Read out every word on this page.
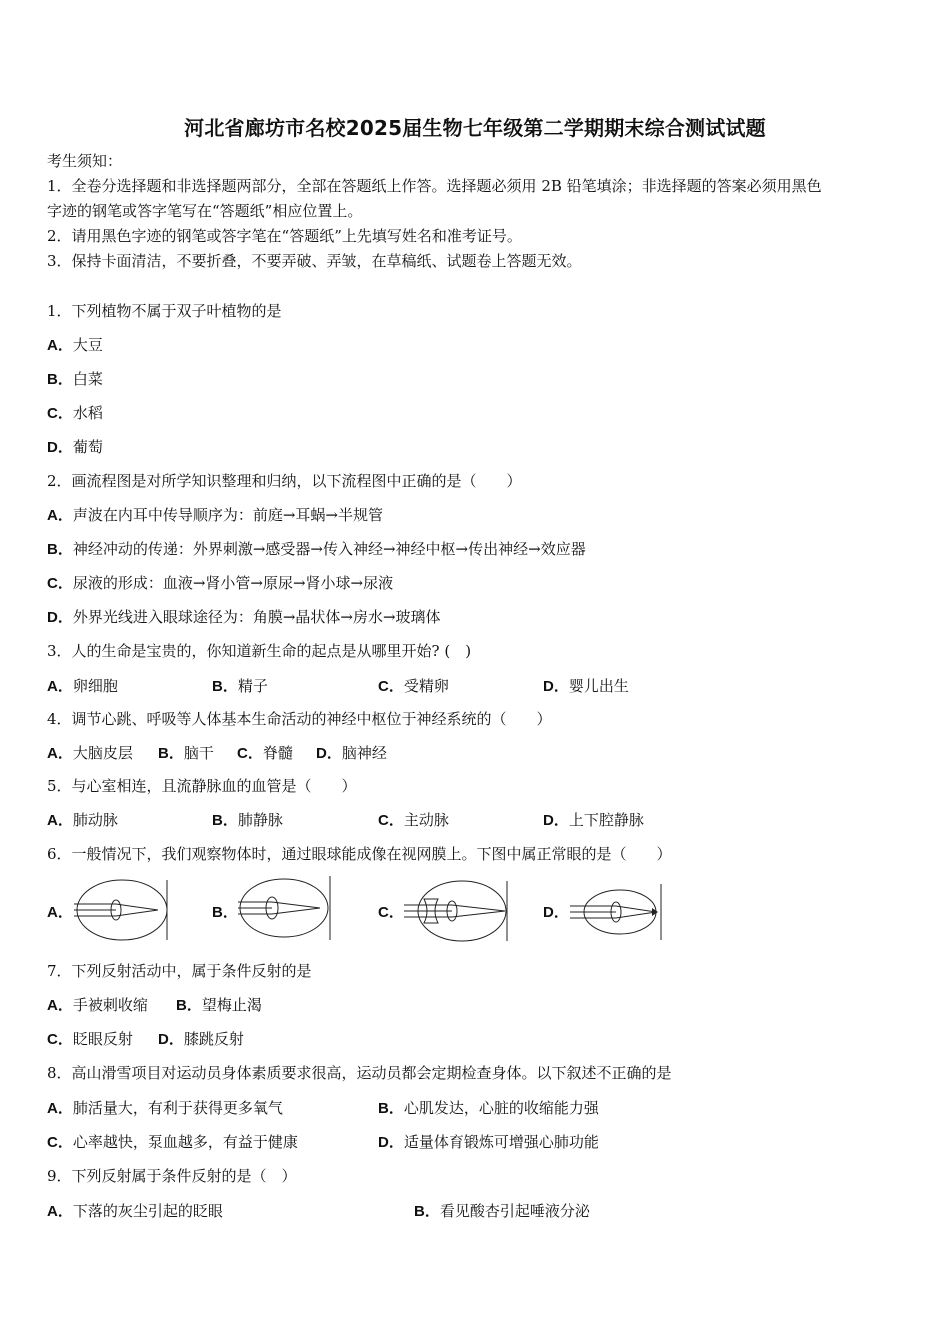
河北省廊坊市名校2025届生物七年级第二学期期末综合测试试题
考生须知：
1．全卷分选择题和非选择题两部分，全部在答题纸上作答。选择题必须用 2B 铅笔填涂；非选择题的答案必须用黑色
字迹的钢笔或答字笔写在“答题纸”相应位置上。
2．请用黑色字迹的钢笔或答字笔在“答题纸”上先填写姓名和准考证号。
3．保持卡面清洁，不要折叠，不要弄破、弄皱，在草稿纸、试题卷上答题无效。
1．下列植物不属于双子叶植物的是
A．大豆
B．白菜
C．水稻
D．葡萄
2．画流程图是对所学知识整理和归纳，以下流程图中正确的是（　　）
A．声波在内耳中传导顺序为：前庭→耳蜗→半规管
B．神经冲动的传递：外界刺激→感受器→传入神经→神经中枢→传出神经→效应器
C．尿液的形成：血液→肾小管→原尿→肾小球→尿液
D．外界光线进入眼球途径为：角膜→晶状体→房水→玻璃体
3．人的生命是宝贵的，你知道新生命的起点是从哪里开始? (　)
A．卵细胞	B．精子	C．受精卵	D．婴儿出生
4．调节心跳、呼吸等人体基本生命活动的神经中枢位于神经系统的（　　）
A．大脑皮层 B．脑干 C．脊髓 D．脑神经
5．与心室相连，且流静脉血的血管是（　　）
A．肺动脉	B．肺静脉	C．主动脉	D．上下腔静脉
6．一般情况下，我们观察物体时，通过眼球能成像在视网膜上。下图中属正常眼的是（　　）
A．	B．	C．	D．
7．下列反射活动中，属于条件反射的是
A．手被刺收缩 B．望梅止渴
C．眨眼反射 D．膝跳反射
8．高山滑雪项目对运动员身体素质要求很高，运动员都会定期检查身体。以下叙述不正确的是
A．肺活量大，有利于获得更多氧气	B．心肌发达，心脏的收缩能力强
C．心率越快，泵血越多，有益于健康	D．适量体育锻炼可增强心肺功能
9．下列反射属于条件反射的是（　）
A．下落的灰尘引起的眨眼	B．看见酸杏引起唾液分泌
